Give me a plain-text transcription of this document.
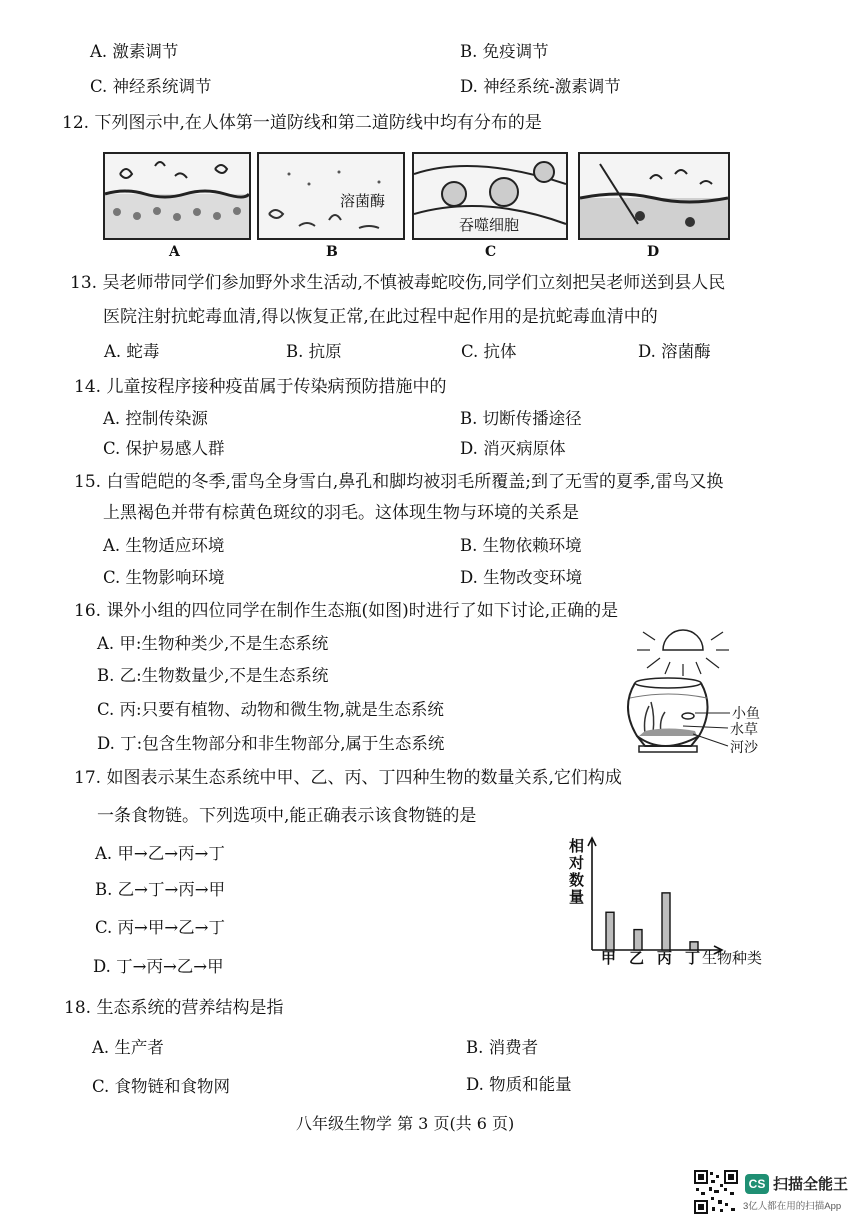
A. 激素调节	B. 免疫调节
C. 神经系统调节	D. 神经系统-激素调节
12. 下列图示中,在人体第一道防线和第二道防线中均有分布的是
A
溶菌酶
B
吞噬细胞
C	D
13. 吴老师带同学们参加野外求生活动,不慎被毒蛇咬伤,同学们立刻把吴老师送到县人民
医院注射抗蛇毒血清,得以恢复正常,在此过程中起作用的是抗蛇毒血清中的
A. 蛇毒	B. 抗原	C. 抗体	D. 溶菌酶
14. 儿童按程序接种疫苗属于传染病预防措施中的
A. 控制传染源	B. 切断传播途径
C. 保护易感人群	D. 消灭病原体
15. 白雪皑皑的冬季,雷鸟全身雪白,鼻孔和脚均被羽毛所覆盖;到了无雪的夏季,雷鸟又换
上黑褐色并带有棕黄色斑纹的羽毛。这体现生物与环境的关系是
A. 生物适应环境	B. 生物依赖环境
C. 生物影响环境	D. 生物改变环境
16. 课外小组的四位同学在制作生态瓶(如图)时进行了如下讨论,正确的是
A. 甲:生物种类少,不是生态系统
B. 乙:生物数量少,不是生态系统
C. 丙:只要有植物、动物和微生物,就是生态系统
D. 丁:包含生物部分和非生物部分,属于生态系统
小鱼
水草
河沙
17. 如图表示某生态系统中甲、乙、丙、丁四种生物的数量关系,它们构成
一条食物链。下列选项中,能正确表示该食物链的是
A. 甲→乙→丙→丁
B. 乙→丁→丙→甲
C. 丙→甲→乙→丁
D. 丁→丙→乙→甲
相对数量
甲 乙 丙 丁 生物种类
18. 生态系统的营养结构是指
A. 生产者	B. 消费者
C. 食物链和食物网	D. 物质和能量
八年级生物学 第 3 页(共 6 页)
CS 扫描全能王
3亿人都在用的扫描App
